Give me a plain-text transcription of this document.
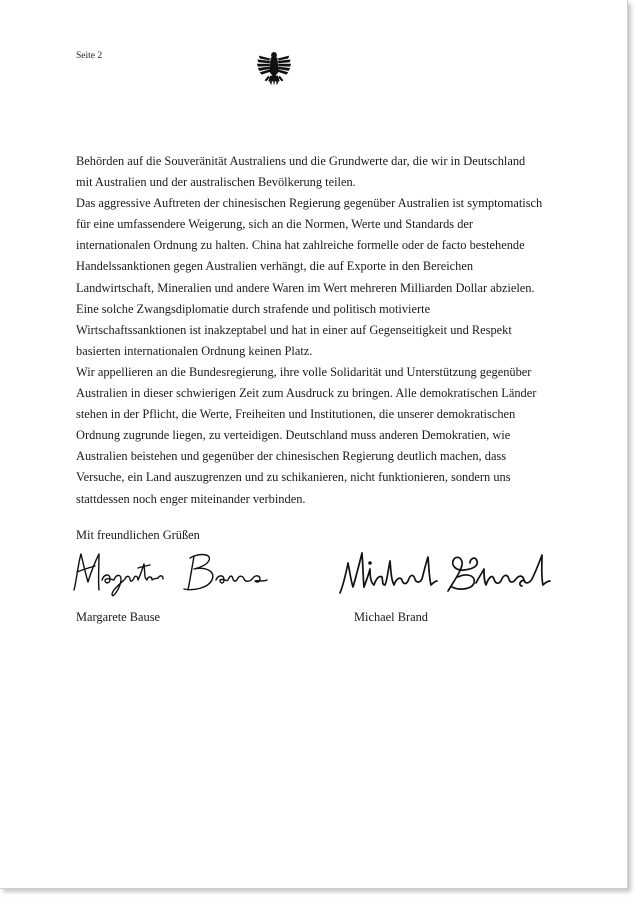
Seite 2
Behörden auf die Souveränität Australiens und die Grundwerte dar, die wir in Deutschland
mit Australien und der australischen Bevölkerung teilen.
Das aggressive Auftreten der chinesischen Regierung gegenüber Australien ist symptomatisch
für eine umfassendere Weigerung, sich an die Normen, Werte und Standards der
internationalen Ordnung zu halten. China hat zahlreiche formelle oder de facto bestehende
Handelssanktionen gegen Australien verhängt, die auf Exporte in den Bereichen
Landwirtschaft, Mineralien und andere Waren im Wert mehreren Milliarden Dollar abzielen.
Eine solche Zwangsdiplomatie durch strafende und politisch motivierte
Wirtschaftssanktionen ist inakzeptabel und hat in einer auf Gegenseitigkeit und Respekt
basierten internationalen Ordnung keinen Platz.
Wir appellieren an die Bundesregierung, ihre volle Solidarität und Unterstützung gegenüber
Australien in dieser schwierigen Zeit zum Ausdruck zu bringen. Alle demokratischen Länder
stehen in der Pflicht, die Werte, Freiheiten und Institutionen, die unserer demokratischen
Ordnung zugrunde liegen, zu verteidigen. Deutschland muss anderen Demokratien, wie
Australien beistehen und gegenüber der chinesischen Regierung deutlich machen, dass
Versuche, ein Land auszugrenzen und zu schikanieren, nicht funktionieren, sondern uns
stattdessen noch enger miteinander verbinden.
Mit freundlichen Grüßen
Margarete Bause	Michael Brand
